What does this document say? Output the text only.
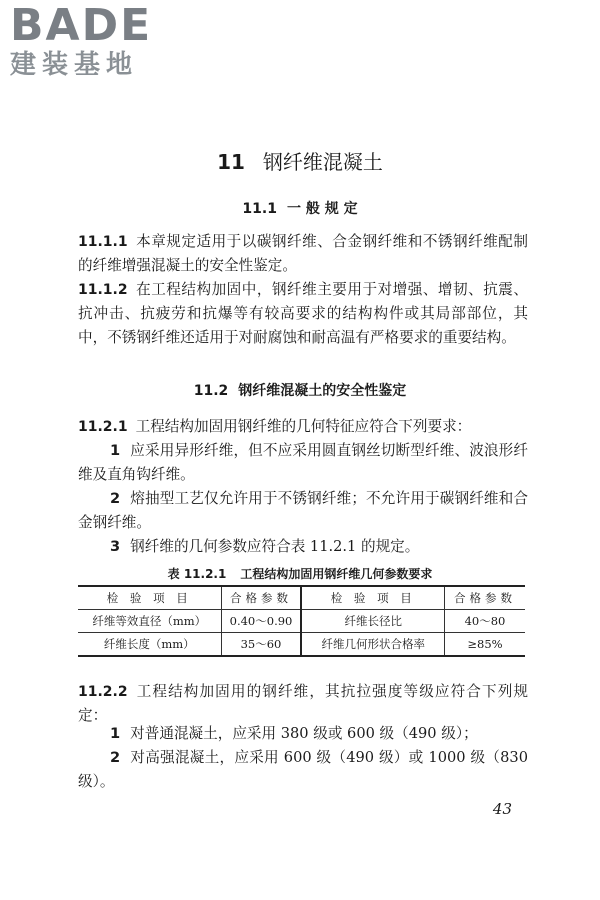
BADE
建装基地
11 钢纤维混凝土
11.1 一 般 规 定
11.1.1 本章规定适用于以碳钢纤维、合金钢纤维和不锈钢纤维配制的纤维增强混凝土的安全性鉴定。
11.1.2 在工程结构加固中，钢纤维主要用于对增强、增韧、抗震、抗冲击、抗疲劳和抗爆等有较高要求的结构构件或其局部部位，其中，不锈钢纤维还适用于对耐腐蚀和耐高温有严格要求的重要结构。
11.2 钢纤维混凝土的安全性鉴定
11.2.1 工程结构加固用钢纤维的几何特征应符合下列要求：
1 应采用异形纤维，但不应采用圆直钢丝切断型纤维、波浪形纤维及直角钩纤维。
2 熔抽型工艺仅允许用于不锈钢纤维；不允许用于碳钢纤维和合金钢纤维。
3 钢纤维的几何参数应符合表 11.2.1 的规定。
表 11.2.1 工程结构加固用钢纤维几何参数要求
检 验 项 目	合格参数	检 验 项 目	合格参数
纤维等效直径（mm）	0.40～0.90	纤维长径比	40～80
纤维长度（mm）	35～60	纤维几何形状合格率	≥85%
11.2.2 工程结构加固用的钢纤维，其抗拉强度等级应符合下列规定：
1 对普通混凝土，应采用 380 级或 600 级（490 级）；
2 对高强混凝土，应采用 600 级（490 级）或 1000 级（830 级）。
43
